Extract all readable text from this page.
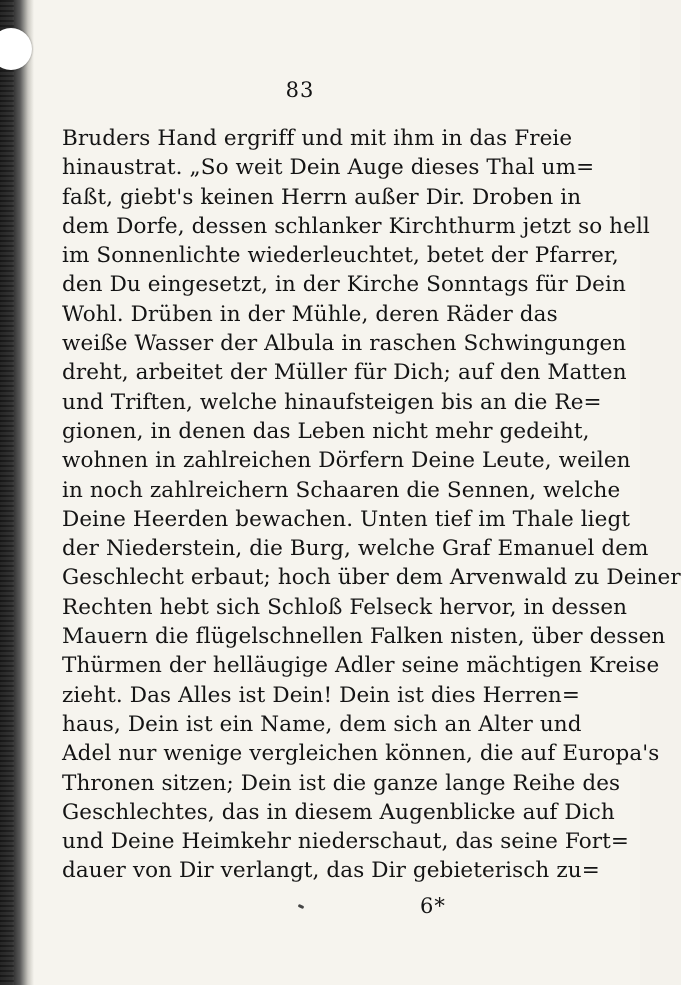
83
Bruders Hand ergriff und mit ihm in das Freie
hinaustrat. „So weit Dein Auge dieses Thal um=
faßt, giebt's keinen Herrn außer Dir. Droben in
dem Dorfe, dessen schlanker Kirchthurm jetzt so hell
im Sonnenlichte wiederleuchtet, betet der Pfarrer,
den Du eingesetzt, in der Kirche Sonntags für Dein
Wohl. Drüben in der Mühle, deren Räder das
weiße Wasser der Albula in raschen Schwingungen
dreht, arbeitet der Müller für Dich; auf den Matten
und Triften, welche hinaufsteigen bis an die Re=
gionen, in denen das Leben nicht mehr gedeiht,
wohnen in zahlreichen Dörfern Deine Leute, weilen
in noch zahlreichern Schaaren die Sennen, welche
Deine Heerden bewachen. Unten tief im Thale liegt
der Niederstein, die Burg, welche Graf Emanuel dem
Geschlecht erbaut; hoch über dem Arvenwald zu Deiner
Rechten hebt sich Schloß Felseck hervor, in dessen
Mauern die flügelschnellen Falken nisten, über dessen
Thürmen der helläugige Adler seine mächtigen Kreise
zieht. Das Alles ist Dein! Dein ist dies Herren=
haus, Dein ist ein Name, dem sich an Alter und
Adel nur wenige vergleichen können, die auf Europa's
Thronen sitzen; Dein ist die ganze lange Reihe des
Geschlechtes, das in diesem Augenblicke auf Dich
und Deine Heimkehr niederschaut, das seine Fort=
dauer von Dir verlangt, das Dir gebieterisch zu=
6*
